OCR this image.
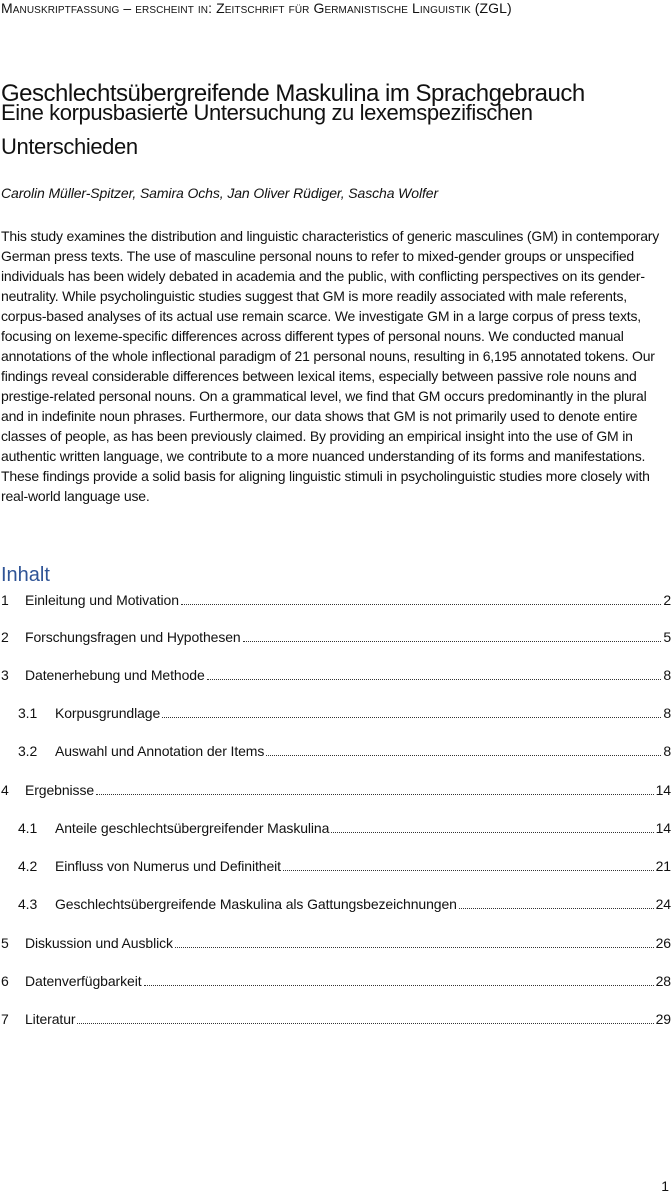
Manuskriptfassung – erscheint in: Zeitschrift für Germanistische Linguistik (ZGL)
Geschlechtsübergreifende Maskulina im Sprachgebrauch
Eine korpusbasierte Untersuchung zu lexemspezifischen Unterschieden
Carolin Müller-Spitzer, Samira Ochs, Jan Oliver Rüdiger, Sascha Wolfer

This study examines the distribution and linguistic characteristics of generic masculines (GM) in contemporary German press texts. The use of masculine personal nouns to refer to mixed-gender groups or unspecified individuals has been widely debated in academia and the public, with conflicting perspectives on its gender-neutrality. While psycholinguistic studies suggest that GM is more readily associated with male referents, corpus-based analyses of its actual use remain scarce. We investigate GM in a large corpus of press texts, focusing on lexeme-specific differences across different types of personal nouns. We conducted manual annotations of the whole inflectional paradigm of 21 personal nouns, resulting in 6,195 annotated tokens. Our findings reveal considerable differences between lexical items, especially between passive role nouns and prestige-related personal nouns. On a grammatical level, we find that GM occurs predominantly in the plural and in indefinite noun phrases. Furthermore, our data shows that GM is not primarily used to denote entire classes of people, as has been previously claimed. By providing an empirical insight into the use of GM in authentic written language, we contribute to a more nuanced understanding of its forms and manifestations. These findings provide a solid basis for aligning linguistic stimuli in psycholinguistic studies more closely with real-world language use.

Inhalt
1	Einleitung und Motivation	2
2	Forschungsfragen und Hypothesen	5
3	Datenerhebung und Methode	8
3.1	Korpusgrundlage	8
3.2	Auswahl und Annotation der Items	8
4	Ergebnisse	14
4.1	Anteile geschlechtsübergreifender Maskulina	14
4.2	Einfluss von Numerus und Definitheit	21
4.3	Geschlechtsübergreifende Maskulina als Gattungsbezeichnungen	24
5	Diskussion und Ausblick	26
6	Datenverfügbarkeit	28
7	Literatur	29
1
